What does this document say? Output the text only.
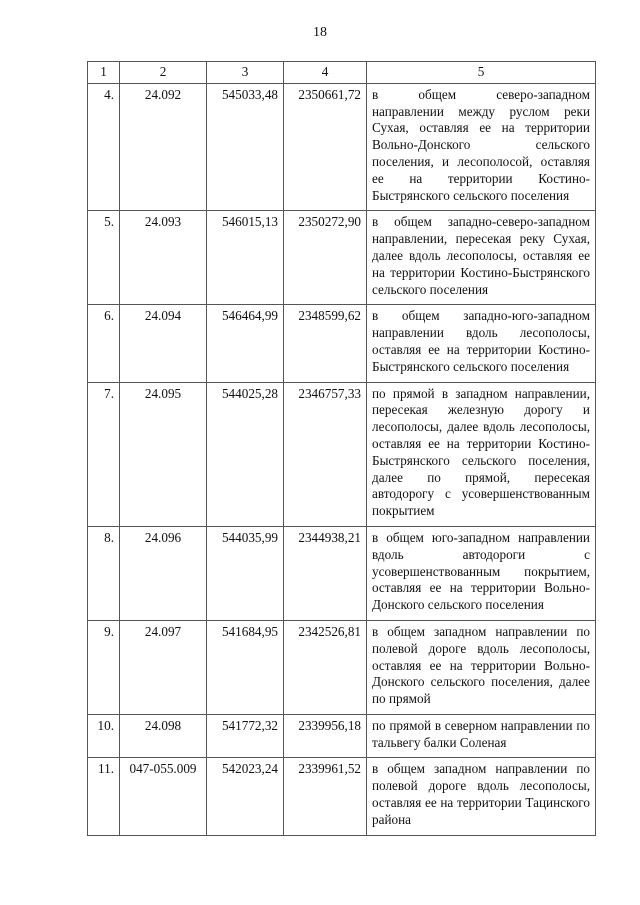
18
1	2	3	4	5
4.	24.092	545033,48	2350661,72	в общем северо-западном направлении между руслом реки Сухая, оставляя ее на территории Вольно-Донского сельского поселения, и лесополосой, оставляя ее на территории Костино-Быстрянского сельского поселения
5.	24.093	546015,13	2350272,90	в общем западно-северо-западном направлении, пересекая реку Сухая, далее вдоль лесополосы, оставляя ее на территории Костино-Быстрянского сельского поселения
6.	24.094	546464,99	2348599,62	в общем западно-юго-западном направлении вдоль лесополосы, оставляя ее на территории Костино-Быстрянского сельского поселения
7.	24.095	544025,28	2346757,33	по прямой в западном направлении, пересекая железную дорогу и лесополосы, далее вдоль лесополосы, оставляя ее на территории Костино-Быстрянского сельского поселения, далее по прямой, пересекая автодорогу с усовершенствованным покрытием
8.	24.096	544035,99	2344938,21	в общем юго-западном направлении вдоль автодороги с усовершенствованным покрытием, оставляя ее на территории Вольно-Донского сельского поселения
9.	24.097	541684,95	2342526,81	в общем западном направлении по полевой дороге вдоль лесополосы, оставляя ее на территории Вольно-Донского сельского поселения, далее по прямой
10.	24.098	541772,32	2339956,18	по прямой в северном направлении по тальвегу балки Соленая
11.	047-055.009	542023,24	2339961,52	в общем западном направлении по полевой дороге вдоль лесополосы, оставляя ее на территории Тацинского района
